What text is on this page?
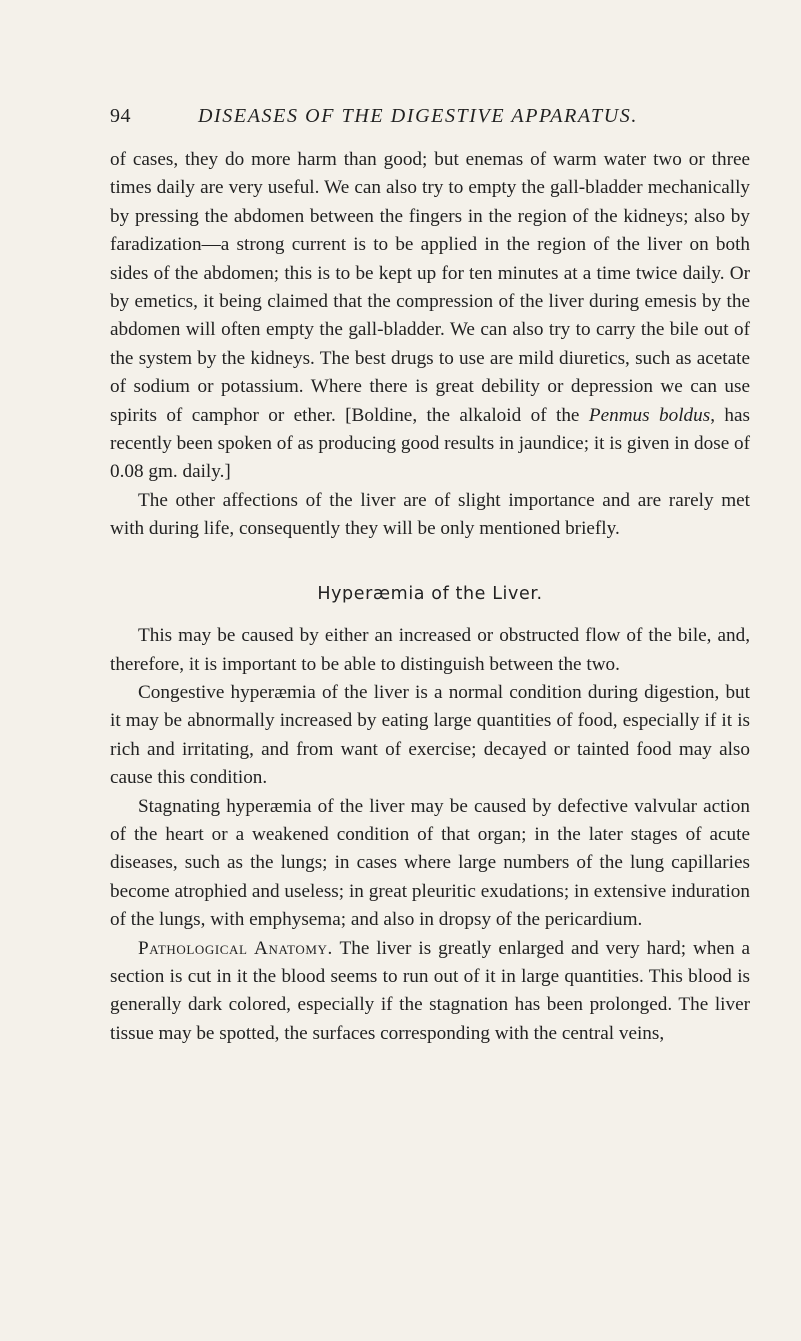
94	DISEASES OF THE DIGESTIVE APPARATUS.

of cases, they do more harm than good; but enemas of warm water two or three times daily are very useful. We can also try to empty the gall-bladder mechanically by pressing the abdomen between the fingers in the region of the kidneys; also by faradization—a strong current is to be applied in the region of the liver on both sides of the abdomen; this is to be kept up for ten minutes at a time twice daily. Or by emetics, it being claimed that the compression of the liver during emesis by the abdomen will often empty the gall-bladder. We can also try to carry the bile out of the system by the kidneys. The best drugs to use are mild diuretics, such as acetate of sodium or potassium. Where there is great debility or depression we can use spirits of camphor or ether. [Boldine, the alkaloid of the Penmus boldus, has recently been spoken of as producing good results in jaundice; it is given in dose of 0.08 gm. daily.]

The other affections of the liver are of slight importance and are rarely met with during life, consequently they will be only mentioned briefly.

Hyperæmia of the Liver.

This may be caused by either an increased or obstructed flow of the bile, and, therefore, it is important to be able to distinguish between the two.

Congestive hyperæmia of the liver is a normal condition during digestion, but it may be abnormally increased by eating large quantities of food, especially if it is rich and irritating, and from want of exercise; decayed or tainted food may also cause this condition.

Stagnating hyperæmia of the liver may be caused by defective valvular action of the heart or a weakened condition of that organ; in the later stages of acute diseases, such as the lungs; in cases where large numbers of the lung capillaries become atrophied and useless; in great pleuritic exudations; in extensive induration of the lungs, with emphysema; and also in dropsy of the pericardium.

Pathological Anatomy. The liver is greatly enlarged and very hard; when a section is cut in it the blood seems to run out of it in large quantities. This blood is generally dark colored, especially if the stagnation has been prolonged. The liver tissue may be spotted, the surfaces corresponding with the central veins,
